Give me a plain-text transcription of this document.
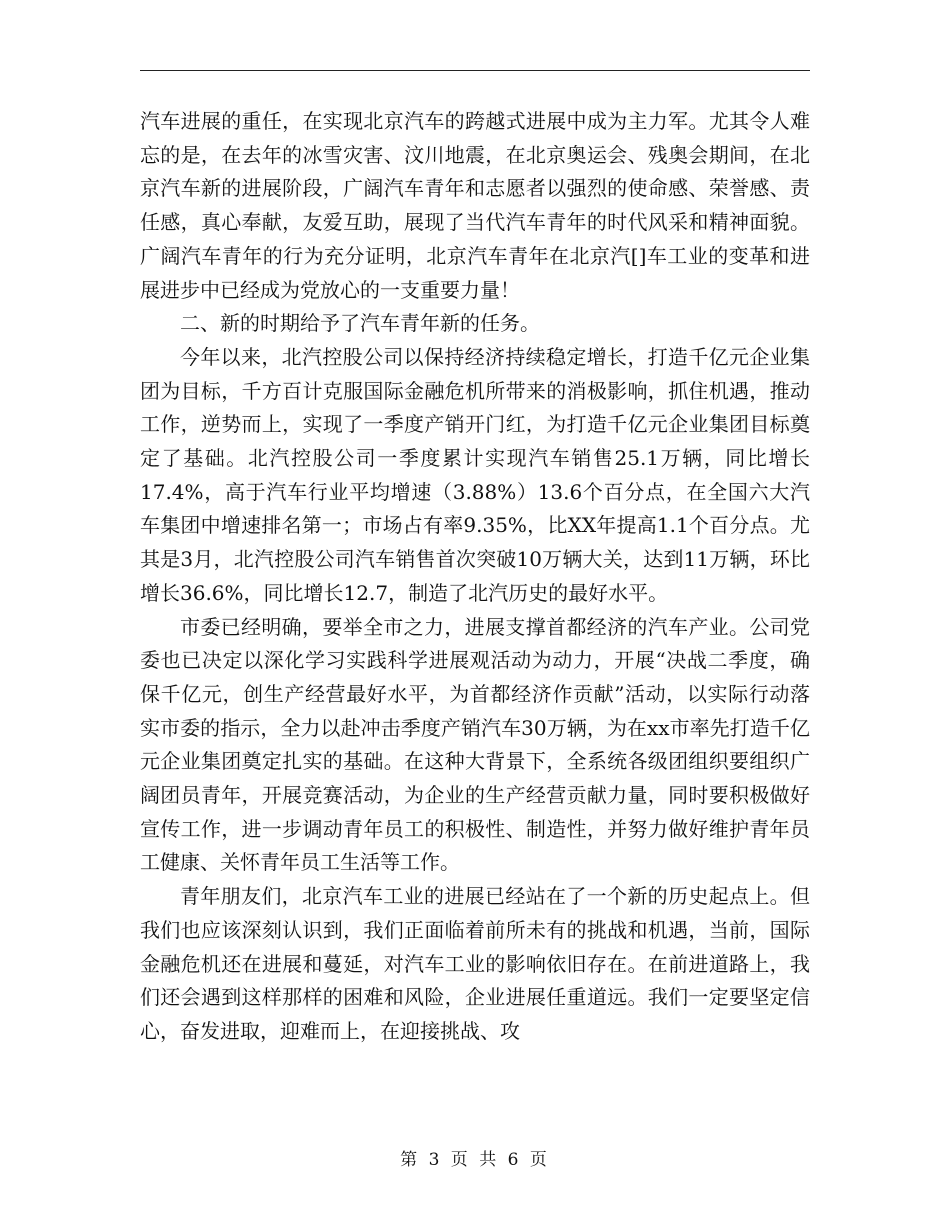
汽车进展的重任，在实现北京汽车的跨越式进展中成为主力军。尤其令人难忘的是，在去年的冰雪灾害、汶川地震，在北京奥运会、残奥会期间，在北京汽车新的进展阶段，广阔汽车青年和志愿者以强烈的使命感、荣誉感、责任感，真心奉献，友爱互助，展现了当代汽车青年的时代风采和精神面貌。广阔汽车青年的行为充分证明，北京汽车青年在北京汽[]车工业的变革和进展进步中已经成为党放心的一支重要力量！

二、新的时期给予了汽车青年新的任务。

今年以来，北汽控股公司以保持经济持续稳定增长，打造千亿元企业集团为目标，千方百计克服国际金融危机所带来的消极影响，抓住机遇，推动工作，逆势而上，实现了一季度产销开门红，为打造千亿元企业集团目标奠定了基础。北汽控股公司一季度累计实现汽车销售25.1万辆，同比增长17.4%，高于汽车行业平均增速（3.88%）13.6个百分点，在全国六大汽车集团中增速排名第一；市场占有率9.35%，比XX年提高1.1个百分点。尤其是3月，北汽控股公司汽车销售首次突破10万辆大关，达到11万辆，环比增长36.6%，同比增长12.7，制造了北汽历史的最好水平。

市委已经明确，要举全市之力，进展支撑首都经济的汽车产业。公司党委也已决定以深化学习实践科学进展观活动为动力，开展“决战二季度，确保千亿元，创生产经营最好水平，为首都经济作贡献”活动，以实际行动落实市委的指示，全力以赴冲击季度产销汽车30万辆，为在xx市率先打造千亿元企业集团奠定扎实的基础。在这种大背景下，全系统各级团组织要组织广阔团员青年，开展竞赛活动，为企业的生产经营贡献力量，同时要积极做好宣传工作，进一步调动青年员工的积极性、制造性，并努力做好维护青年员工健康、关怀青年员工生活等工作。

青年朋友们，北京汽车工业的进展已经站在了一个新的历史起点上。但我们也应该深刻认识到，我们正面临着前所未有的挑战和机遇，当前，国际金融危机还在进展和蔓延，对汽车工业的影响依旧存在。在前进道路上，我们还会遇到这样那样的困难和风险，企业进展任重道远。我们一定要坚定信心，奋发进取，迎难而上，在迎接挑战、攻

第 3 页 共 6 页
